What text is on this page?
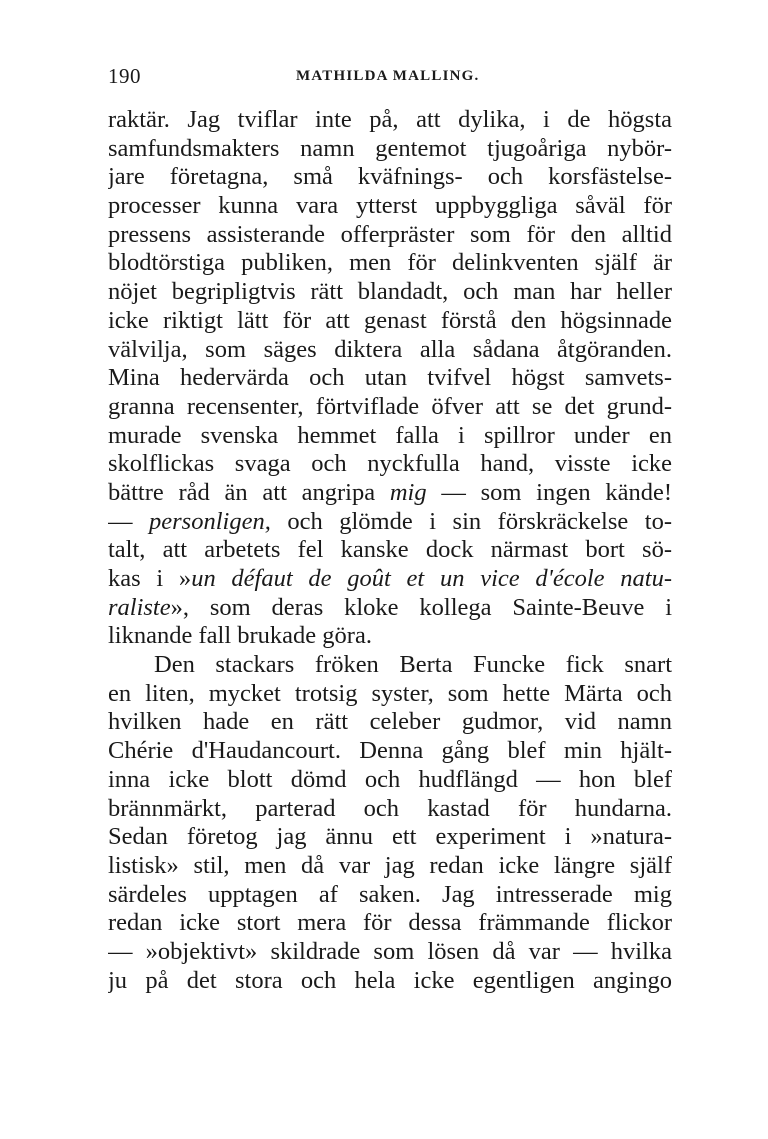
190	MATHILDA MALLING.
raktär. Jag tviflar inte på, att dylika, i de högsta
samfundsmakters namn gentemot tjugoåriga nybör-
jare företagna, små kväfnings- och korsfästelse-
processer kunna vara ytterst uppbyggliga såväl för
pressens assisterande offerpräster som för den alltid
blodtörstiga publiken, men för delinkventen själf är
nöjet begripligtvis rätt blandadt, och man har heller
icke riktigt lätt för att genast förstå den högsinnade
välvilja, som säges diktera alla sådana åtgöranden.
Mina hedervärda och utan tvifvel högst samvets-
granna recensenter, förtviflade öfver att se det grund-
murade svenska hemmet falla i spillror under en
skolflickas svaga och nyckfulla hand, visste icke
bättre råd än att angripa mig — som ingen kände!
— personligen, och glömde i sin förskräckelse to-
talt, att arbetets fel kanske dock närmast bort sö-
kas i »un défaut de goût et un vice d'école natu-
raliste», som deras kloke kollega Sainte-Beuve i
liknande fall brukade göra.
Den stackars fröken Berta Funcke fick snart
en liten, mycket trotsig syster, som hette Märta och
hvilken hade en rätt celeber gudmor, vid namn
Chérie d'Haudancourt. Denna gång blef min hjält-
inna icke blott dömd och hudflängd — hon blef
brännmärkt, parterad och kastad för hundarna.
Sedan företog jag ännu ett experiment i »natura-
listisk» stil, men då var jag redan icke längre själf
särdeles upptagen af saken. Jag intresserade mig
redan icke stort mera för dessa främmande flickor
— »objektivt» skildrade som lösen då var — hvilka
ju på det stora och hela icke egentligen angingo
